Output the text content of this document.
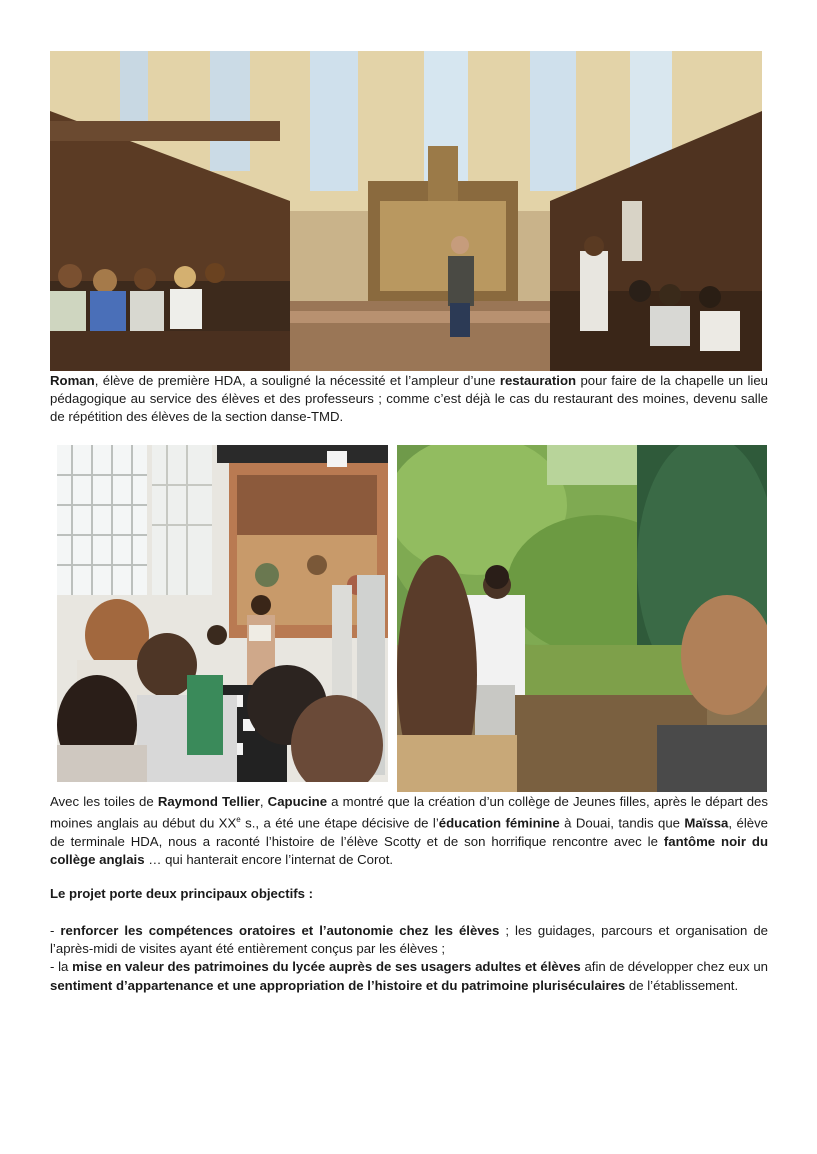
Roman, élève de première HDA, a souligné la nécessité et l’ampleur d’une restauration pour faire de la chapelle un lieu pédagogique au service des élèves et des professeurs ; comme c’est déjà le cas du restaurant des moines, devenu salle de répétition des élèves de la section danse-TMD.

Avec les toiles de Raymond Tellier, Capucine a montré que la création d’un collège de Jeunes filles, après le départ des moines anglais au début du XXe s., a été une étape décisive de l’éducation féminine à Douai, tandis que Maïssa, élève de terminale HDA, nous a raconté l’histoire de l’élève Scotty et de son horrifique rencontre avec le fantôme noir du collège anglais … qui hanterait encore l’internat de Corot.

Le projet porte deux principaux objectifs :

- renforcer les compétences oratoires et l’autonomie chez les élèves ; les guidages, parcours et organisation de l’après-midi de visites ayant été entièrement conçus par les élèves ;

- la mise en valeur des patrimoines du lycée auprès de ses usagers adultes et élèves afin de développer chez eux un sentiment d’appartenance et une appropriation de l’histoire et du patrimoine pluriséculaires de l’établissement.
